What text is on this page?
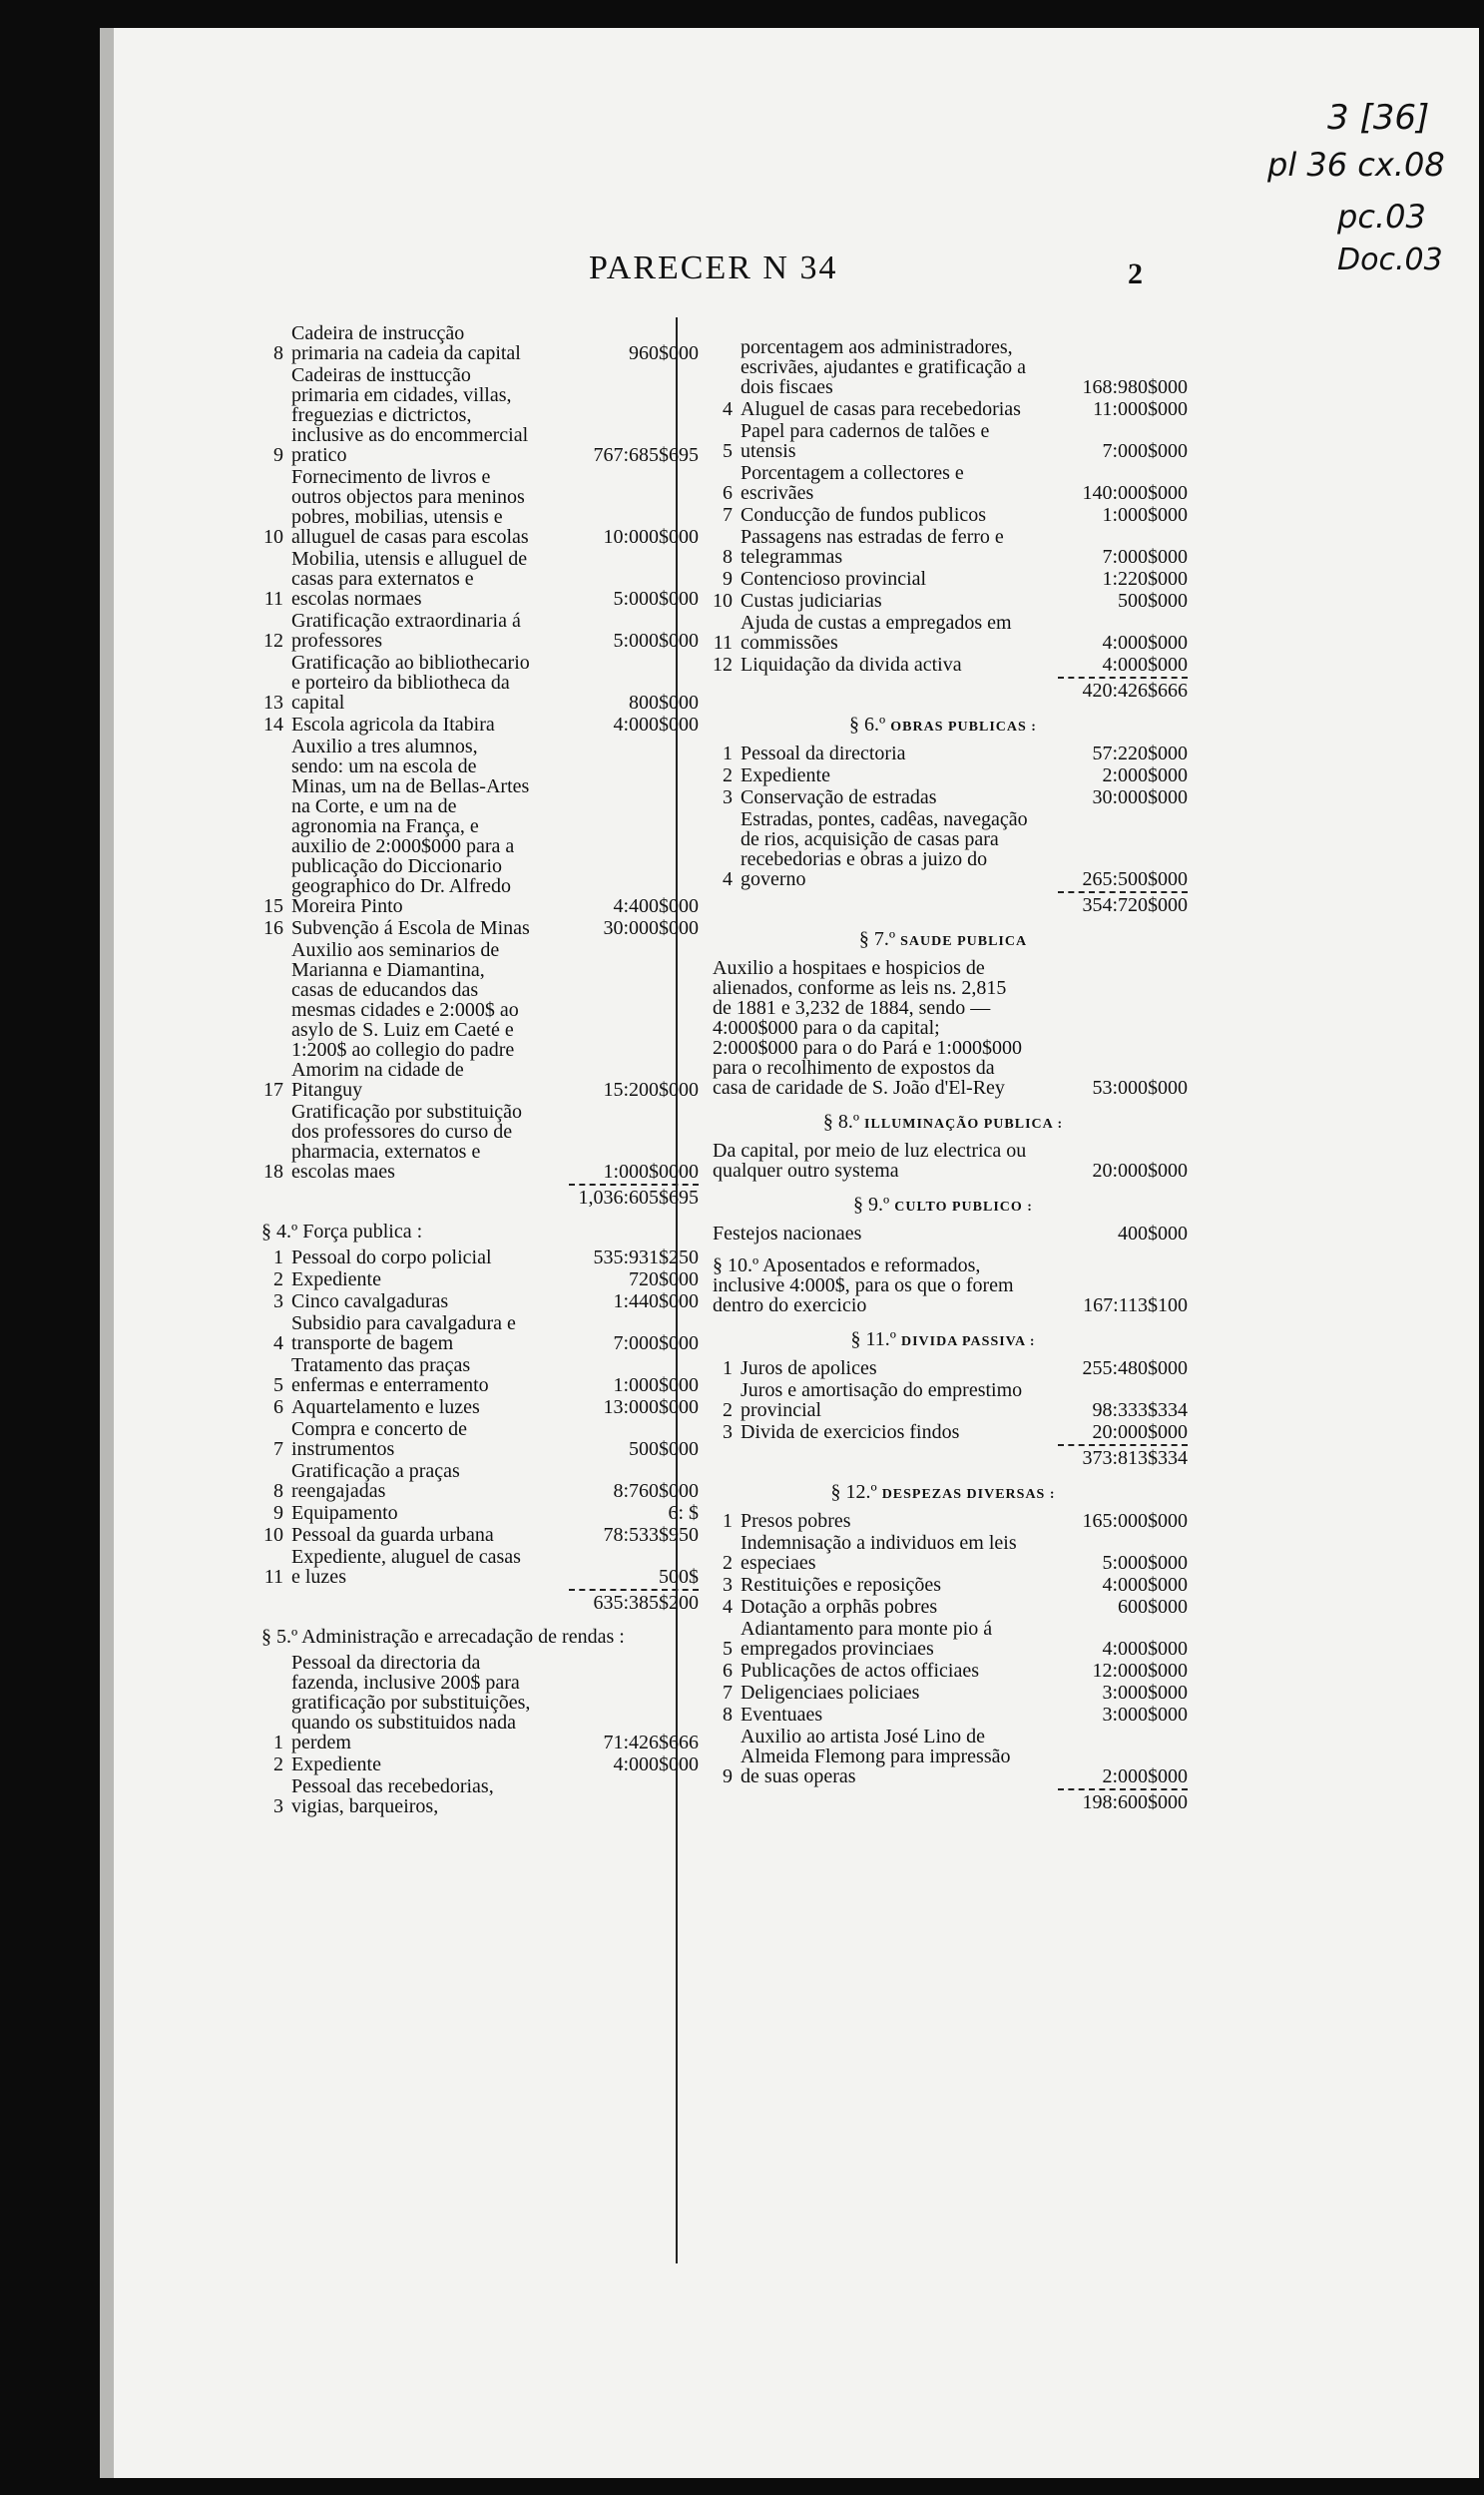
3 [36]
pl 36 cx.08
pc.03
Doc.03
PARECER N 34	2
8
Cadeira de instrucção primaria na cadeia da capital	960$000
9
Cadeiras de insttucção primaria em cidades, villas, freguezias e dictrictos, inclusive as do encommercial pratico	767:685$695
10
Fornecimento de livros e outros objectos para meninos pobres, mobilias, utensis e alluguel de casas para escolas	10:000$000
11
Mobilia, utensis e alluguel de casas para externatos e escolas normaes	5:000$000
12
Gratificação extraordinaria á professores	5:000$000
13
Gratificação ao bibliothecario e porteiro da bibliotheca da capital	800$000
14 Escola agricola da Itabira	4:000$000
15
Auxilio a tres alumnos, sendo: um na escola de Minas, um na de Bellas-Artes na Corte, e um na de agronomia na França, e auxilio de 2:000$000 para a publicação do Diccionario geographico do Dr. Alfredo Moreira Pinto	4:400$000
16 Subvenção á Escola de Minas	30:000$000
17
Auxilio aos seminarios de Marianna e Diamantina, casas de educandos das mesmas cidades e 2:000$ ao asylo de S. Luiz em Caeté e 1:200$ ao collegio do padre Amorim na cidade de Pitanguy	15:200$000
18
Gratificação por substituição dos professores do curso de pharmacia, externatos e escolas maes	1:000$0000
1,036:605$695
§ 4.º Força publica :
1 Pessoal do corpo policial	535:931$250
2 Expediente	720$000
3 Cinco cavalgaduras	1:440$000
4
Subsidio para cavalgadura e transporte de bagem	7:000$000
5
Tratamento das praças enfermas e enterramento	1:000$000
6 Aquartelamento e luzes	13:000$000
7
Compra e concerto de instrumentos	500$000
8
Gratificação a praças reengajadas	8:760$000
9 Equipamento	6: $
10 Pessoal da guarda urbana	78:533$950
11
Expediente, aluguel de casas e luzes	500$
635:385$200
§ 5.º Administração e arrecadação de rendas :
1
Pessoal da directoria da fazenda, inclusive 200$ para gratificação por substituições, quando os substituidos nada perdem	71:426$666
2 Expediente	4:000$000
3
Pessoal das recebedorias, vigias, barqueiros,
porcentagem aos administradores, escrivães, ajudantes e gratificação a dois fiscaes	168:980$000
4 Aluguel de casas para recebedorias	11:000$000
5
Papel para cadernos de talões e utensis	7:000$000
6
Porcentagem a collectores e escrivães	140:000$000
7 Conducção de fundos publicos	1:000$000
8
Passagens nas estradas de ferro e telegrammas	7:000$000
9 Contencioso provincial	1:220$000
10 Custas judiciarias	500$000
11
Ajuda de custas a empregados em commissões	4:000$000
12 Liquidação da divida activa	4:000$000
420:426$666
§ 6.º OBRAS PUBLICAS :
1 Pessoal da directoria	57:220$000
2 Expediente	2:000$000
3 Conservação de estradas	30:000$000
4
Estradas, pontes, cadêas, navegação de rios, acquisição de casas para recebedorias e obras a juizo do governo	265:500$000
354:720$000
§ 7.º SAUDE PUBLICA
Auxilio a hospitaes e hospicios de alienados, conforme as leis ns. 2,815 de 1881 e 3,232 de 1884, sendo — 4:000$000 para o da capital; 2:000$000 para o do Pará e 1:000$000 para o recolhimento de expostos da casa de caridade de S. João d'El-Rey	53:000$000
§ 8.º ILLUMINAÇÃO PUBLICA :
Da capital, por meio de luz electrica ou qualquer outro systema	20:000$000
§ 9.º CULTO PUBLICO :
Festejos nacionaes	400$000
§ 10.º Aposentados e reformados, inclusive 4:000$, para os que o forem dentro do exercicio	167:113$100
§ 11.º DIVIDA PASSIVA :
1 Juros de apolices	255:480$000
2
Juros e amortisação do emprestimo provincial	98:333$334
3 Divida de exercicios findos	20:000$000
373:813$334
§ 12.º DESPEZAS DIVERSAS :
1 Presos pobres	165:000$000
2
Indemnisação a individuos em leis especiaes	5:000$000
3 Restituições e reposições	4:000$000
4 Dotação a orphãs pobres	600$000
5
Adiantamento para monte pio á empregados provinciaes	4:000$000
6 Publicações de actos officiaes	12:000$000
7 Deligenciaes policiaes	3:000$000
8 Eventuaes	3:000$000
9
Auxilio ao artista José Lino de Almeida Flemong para impressão de suas operas	2:000$000
198:600$000
